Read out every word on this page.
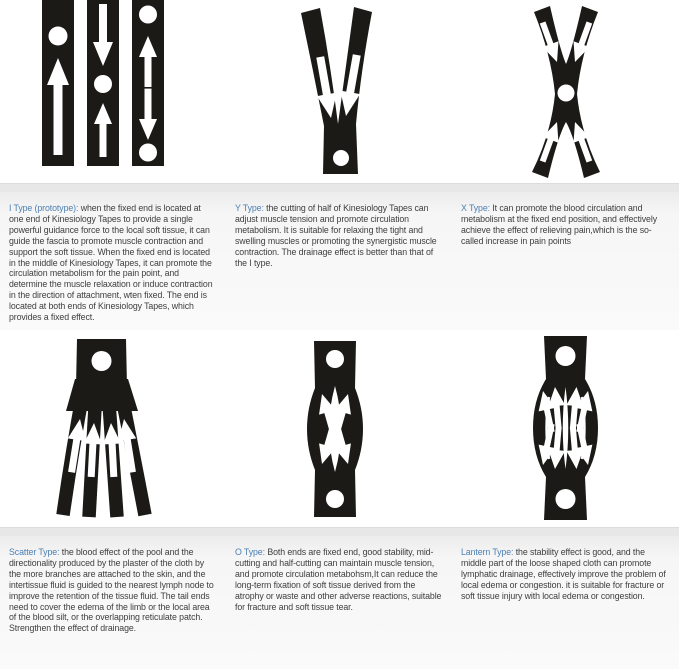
I Type (prototype): when the fixed end is located at one end of Kinesiology Tapes to provide a single powerful guidance force to the local soft tissue, it can guide the fascia to promote muscle contraction and support the soft tissue. When the fixed end is located in the middle of Kinesiology Tapes, it can promote the circulation metabolism for the pain point, and determine the muscle relaxation or induce contraction in the direction of attachment, wten fixed. The end is located at both ends of Kinesiology Tapes, which provides a fixed effect.
Y Type: the cutting of half of Kinesiology Tapes can adjust muscle tension and promote circulation metabolism. It is suitable for relaxing the tight and swelling muscles or promoting the synergistic muscle contraction. The drainage effect is better than that of the I type.
X Type: It can promote the blood circulation and metabolism at the fixed end position, and effectively achieve the effect of relieving pain,which is the so-called increase in pain points
Scatter Type: the blood effect of the pool and the directionality produced by the plaster of the cloth by the more branches are attached to the skin, and the intertissue fluid is guided to the nearest lymph node to improve the retention of the tissue fluid. The tail ends need to cover the edema of the limb or the local area of the blood silt, or the overlapping reticulate patch. Strengthen the effect of drainage.
O Type: Both ends are fixed end, good stability, mid-cutting and half-cutting can maintain muscle tension, and promote circulation metabohsm,It can reduce the long-term fixation of soft tissue derived from the atrophy or waste and other adverse reactions, suitable for fracture and soft tissue tear.
Lantern Type: the stability effect is good, and the middle part of the loose shaped cloth can promote lymphatic drainage, effectively improve the problem of local edema or congestion. it is suitable for fracture or soft tissue injury with local edema or congestion.
